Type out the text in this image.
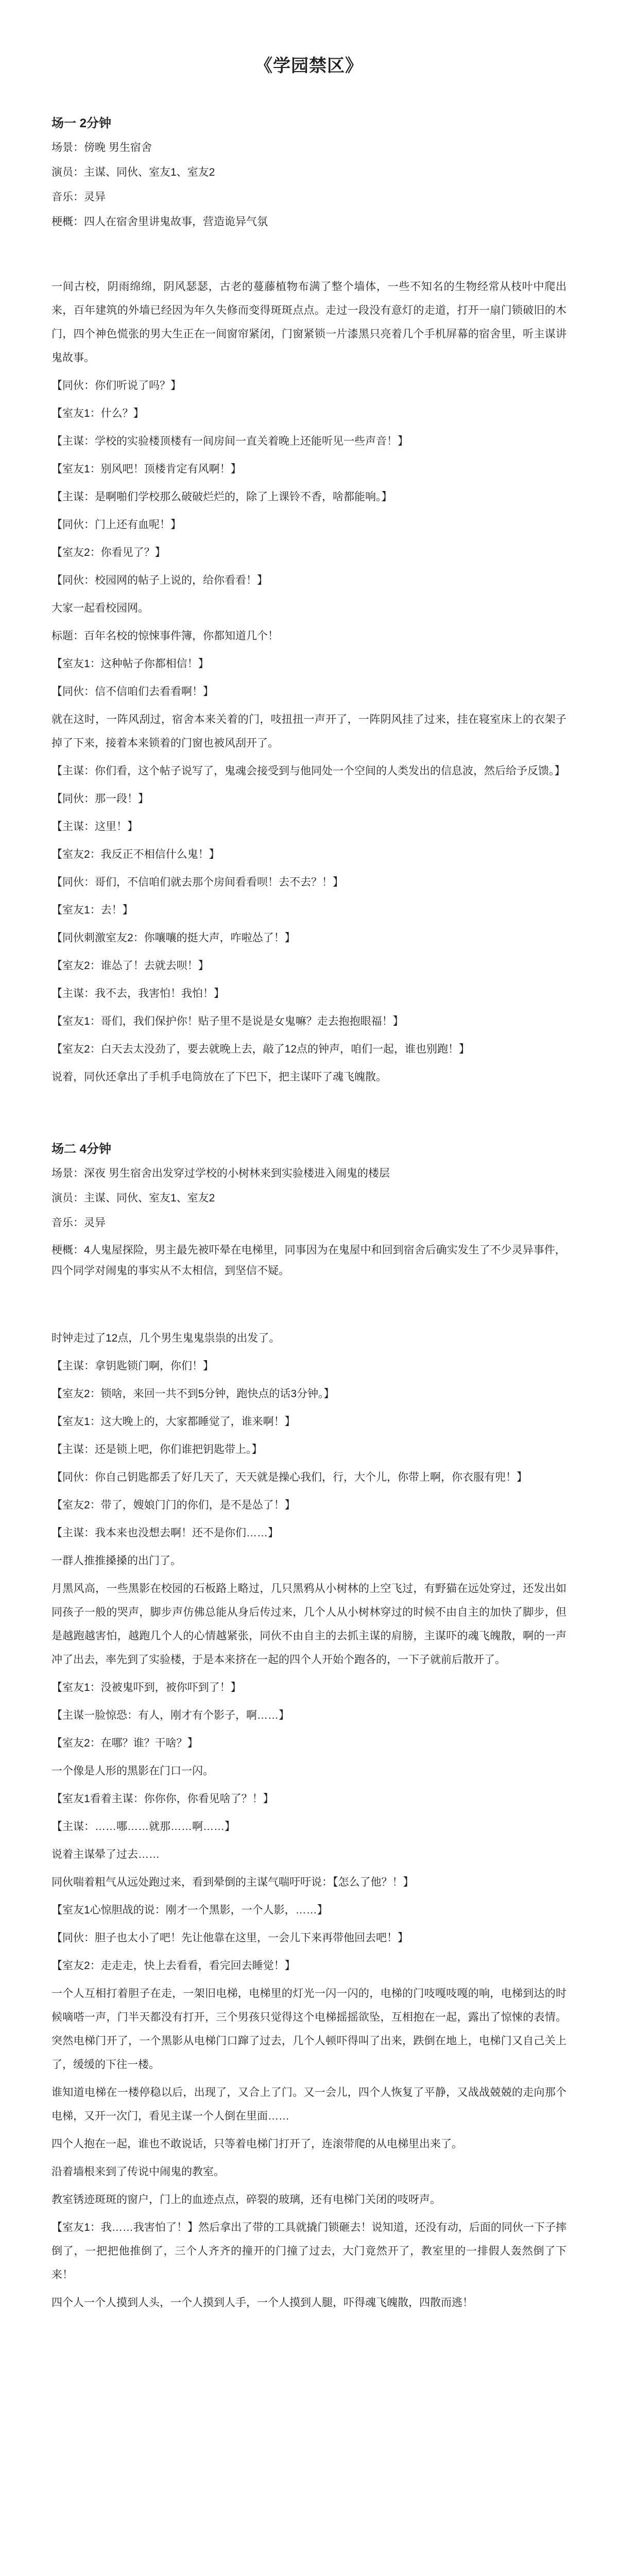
《学园禁区》
场一 2分钟
场景：傍晚 男生宿舍
演员：主谋、同伙、室友1、室友2
音乐：灵异
梗概：四人在宿舍里讲鬼故事，营造诡异气氛

一间古校，阴雨绵绵，阴风瑟瑟，古老的蔓藤植物布满了整个墙体，一些不知名的生物经常从枝叶中爬出来，百年建筑的外墙已经因为年久失修而变得斑斑点点。走过一段没有意灯的走道，打开一扇门锁破旧的木门，四个神色慌张的男大生正在一间窗帘紧闭，门窗紧锁一片漆黑只亮着几个手机屏幕的宿舍里，听主谋讲鬼故事。

【同伙：你们听说了吗？】

【室友1：什么？】

【主谋：学校的实验楼顶楼有一间房间一直关着晚上还能听见一些声音！】

【室友1：别风吧！顶楼肯定有风啊！】

【主谋：是啊啪们学校那么破破烂烂的，除了上课铃不香，啥都能响。】

【同伙：门上还有血呢！】

【室友2：你看见了？】

【同伙：校园网的帖子上说的，给你看看！】

大家一起看校园网。

标题：百年名校的惊悚事件簿，你都知道几个！

【室友1：这种帖子你都相信！】

【同伙：信不信咱们去看看啊！】

就在这时，一阵风刮过，宿舍本来关着的门，吱扭扭一声开了，一阵阴风挂了过来，挂在寝室床上的衣架子掉了下来，接着本来锁着的门窗也被风刮开了。

【主谋：你们看，这个帖子说写了，鬼魂会接受到与他同处一个空间的人类发出的信息波，然后给予反馈。】

【同伙：那一段！】

【主谋：这里！】

【室友2：我反正不相信什么鬼！】

【同伙：哥们，不信咱们就去那个房间看看呗！去不去？！】

【室友1：去！】

【同伙刺激室友2：你嚷嚷的挺大声，咋啦怂了！】

【室友2：谁怂了！去就去呗！】

【主谋：我不去，我害怕！我怕！】

【室友1：哥们，我们保护你！贴子里不是说是女鬼嘛？走去抱抱眼福！】

【室友2：白天去太没劲了，要去就晚上去，敲了12点的钟声，咱们一起，谁也别跑！】

说着，同伙还拿出了手机手电筒放在了下巴下，把主谋吓了魂飞魄散。

场二 4分钟
场景：深夜 男生宿舍出发穿过学校的小树林来到实验楼进入闹鬼的楼层
演员：主谋、同伙、室友1、室友2
音乐：灵异
梗概：4人鬼屋探险，男主最先被吓晕在电梯里，同事因为在鬼屋中和回到宿舍后确实发生了不少灵异事件，四个同学对闹鬼的事实从不太相信，到坚信不疑。

时钟走过了12点，几个男生鬼鬼祟祟的出发了。

【主谋：拿钥匙锁门啊，你们！】

【室友2：锁啥，来回一共不到5分钟，跑快点的话3分钟。】

【室友1：这大晚上的，大家都睡觉了，谁来啊！】

【主谋：还是锁上吧，你们谁把钥匙带上。】

【同伙：你自己钥匙都丢了好几天了，天天就是操心我们，行，大个儿，你带上啊，你衣服有兜！】

【室友2：带了，嫂娘门门的你们，是不是怂了！】

【主谋：我本来也没想去啊！还不是你们……】

一群人推推搡搡的出门了。

月黑风高，一些黑影在校园的石板路上略过，几只黑鸦从小树林的上空飞过，有野猫在远处穿过，还发出如同孩子一般的哭声，脚步声仿佛总能从身后传过来，几个人从小树林穿过的时候不由自主的加快了脚步，但是越跑越害怕，越跑几个人的心情越紧张，同伙不由自主的去抓主谋的肩膀，主谋吓的魂飞魄散，啊的一声冲了出去，率先到了实验楼，于是本来挤在一起的四个人开始个跑各的，一下子就前后散开了。

【室友1：没被鬼吓到，被你吓到了！】

【主谋一脸惊恐：有人，刚才有个影子，啊……】

【室友2：在哪？谁？干啥？】

一个像是人形的黑影在门口一闪。

【室友1看着主谋：你你你，你看见啥了？！】

【主谋：……哪……就那……啊……】

说着主谋晕了过去……

同伙喘着粗气从远处跑过来，看到晕倒的主谋气喘吁吁说：【怎么了他？！】

【室友1心惊胆战的说：刚才一个黑影，一个人影，……】

【同伙：胆子也太小了吧！先让他靠在这里，一会儿下来再带他回去吧！】

【室友2：走走走，快上去看看，看完回去睡觉！】

一个人互相打着胆子在走，一架旧电梯，电梯里的灯光一闪一闪的，电梯的门吱嘎吱嘎的响，电梯到达的时候嘀嗒一声，门半天都没有打开，三个男孩只觉得这个电梯摇摇欲坠，互相抱在一起，露出了惊悚的表情。突然电梯门开了，一个黑影从电梯门口蹿了过去，几个人顿吓得叫了出来，跌倒在地上，电梯门又自己关上了，缓缓的下往一楼。

谁知道电梯在一楼停稳以后，出现了，又合上了门。又一会儿，四个人恢复了平静，又战战兢兢的走向那个电梯，又开一次门，看见主谋一个人倒在里面……

四个人抱在一起，谁也不敢说话，只等着电梯门打开了，连滚带爬的从电梯里出来了。

沿着墙根来到了传说中闹鬼的教室。

教室锈迹斑斑的窗户，门上的血迹点点，碎裂的玻璃，还有电梯门关闭的吱呀声。

【室友1：我……我害怕了！】然后拿出了带的工具就撬门锁砸去！说知道，还没有动，后面的同伙一下子摔倒了，一把把他推倒了，三个人齐齐的撞开的门撞了过去，大门竟然开了，教室里的一排假人轰然倒了下来！

四个人一个人摸到人头，一个人摸到人手，一个人摸到人腿，吓得魂飞魄散，四散而逃！
